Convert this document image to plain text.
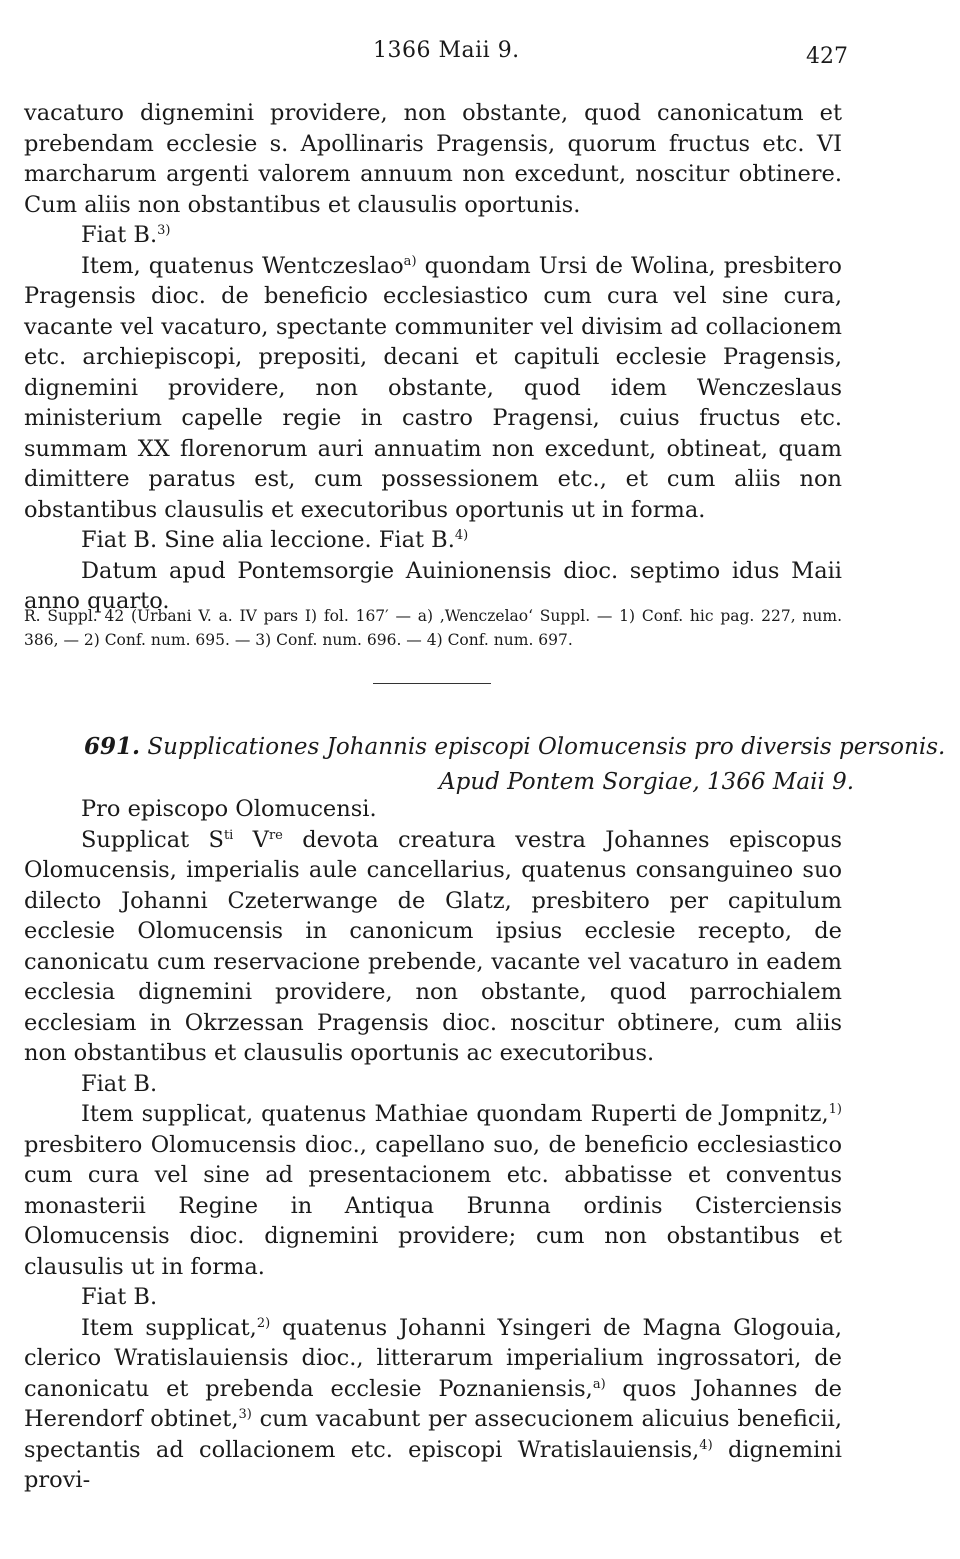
1366 Maii 9.	427

vacaturo dignemini providere, non obstante, quod canonicatum et prebendam ecclesie s. Apollinaris Pragensis, quorum fructus etc. VI marcharum argenti valorem annuum non excedunt, noscitur obtinere. Cum aliis non obstantibus et clausulis oportunis.

Fiat B.$^{3)}$

Item, quatenus Wentczeslao$^{a)}$ quondam Ursi de Wolina, presbitero Pragensis dioc. de beneficio ecclesiastico cum cura vel sine cura, vacante vel vacaturo, spectante communiter vel divisim ad collacionem etc. archiepiscopi, prepositi, decani et capituli ecclesie Pragensis, dignemini providere, non obstante, quod idem Wenczeslaus ministerium capelle regie in castro Pragensi, cuius fructus etc. summam XX florenorum auri annuatim non excedunt, obtineat, quam dimittere paratus est, cum possessionem etc., et cum aliis non obstantibus clausulis et executoribus oportunis ut in forma.

Fiat B. Sine alia leccione. Fiat B.$^{4)}$

Datum apud Pontemsorgie Auinionensis dioc. septimo idus Maii anno quarto.

R. Suppl. 42 (Urbani V. a. IV pars I) fol. 167′ — a) ‚Wenczelao‘ Suppl. — 1) Conf. hic pag. 227, num. 386, — 2) Conf. num. 695. — 3) Conf. num. 696. — 4) Conf. num. 697.
691. Supplicationes Johannis episcopi Olomucensis pro diversis personis.
Apud Pontem Sorgiae, 1366 Maii 9.

Pro episcopo Olomucensi.

Supplicat $S^{ti}$ Vre devota creatura vestra Johannes episcopus Olomucensis, imperialis aule cancellarius, quatenus consanguineo suo dilecto Johanni Czeterwange de Glatz, presbitero per capitulum ecclesie Olomucensis in canonicum ipsius ecclesie recepto, de canonicatu cum reservacione prebende, vacante vel vacaturo in eadem ecclesia dignemini providere, non obstante, quod parrochialem ecclesiam in Okrzessan Pragensis dioc. noscitur obtinere, cum aliis non obstantibus et clausulis oportunis ac executoribus.

Fiat B.

Item supplicat, quatenus Mathiae quondam Ruperti de Jompnitz,$^{1)}$ presbitero Olomucensis dioc., capellano suo, de beneficio ecclesiastico cum cura vel sine ad presentacionem etc. abbatisse et conventus monasterii Regine in Antiqua Brunna ordinis Cisterciensis Olomucensis dioc. dignemini providere; cum non obstantibus et clausulis ut in forma.

Fiat B.

Item supplicat,$^{2)}$ quatenus Johanni Ysingeri de Magna Glogouia, clerico Wratislauiensis dioc., litterarum imperialium ingrossatori, de canonicatu et prebenda ecclesie Poznaniensis,$^{a)}$ quos Johannes de Herendorf obtinet,$^{3)}$ cum vacabunt per assecucionem alicuius beneficii, spectantis ad collacionem etc. episcopi Wratislauiensis,$^{4)}$ dignemini provi-
